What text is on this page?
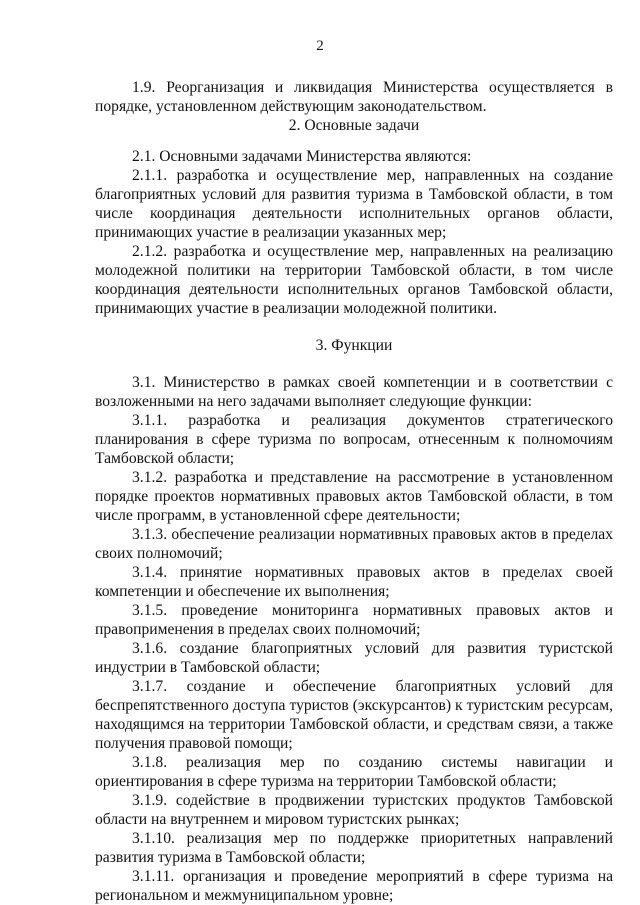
2

1.9. Реорганизация и ликвидация Министерства осуществляется в порядке, установленном действующим законодательством.

2. Основные задачи

2.1. Основными задачами Министерства являются:

2.1.1. разработка и осуществление мер, направленных на создание благоприятных условий для развития туризма в Тамбовской области, в том числе координация деятельности исполнительных органов области, принимающих участие в реализации указанных мер;

2.1.2. разработка и осуществление мер, направленных на реализацию молодежной политики на территории Тамбовской области, в том числе координация деятельности исполнительных органов Тамбовской области, принимающих участие в реализации молодежной политики.

3. Функции

3.1. Министерство в рамках своей компетенции и в соответствии с возложенными на него задачами выполняет следующие функции:

3.1.1. разработка и реализация документов стратегического планирования в сфере туризма по вопросам, отнесенным к полномочиям Тамбовской области;

3.1.2. разработка и представление на рассмотрение в установленном порядке проектов нормативных правовых актов Тамбовской области, в том числе программ, в установленной сфере деятельности;

3.1.3. обеспечение реализации нормативных правовых актов в пределах своих полномочий;

3.1.4. принятие нормативных правовых актов в пределах своей компетенции и обеспечение их выполнения;

3.1.5. проведение мониторинга нормативных правовых актов и правоприменения в пределах своих полномочий;

3.1.6. создание благоприятных условий для развития туристской индустрии в Тамбовской области;

3.1.7. создание и обеспечение благоприятных условий для беспрепятственного доступа туристов (экскурсантов) к туристским ресурсам, находящимся на территории Тамбовской области, и средствам связи, а также получения правовой помощи;

3.1.8. реализация мер по созданию системы навигации и ориентирования в сфере туризма на территории Тамбовской области;

3.1.9. содействие в продвижении туристских продуктов Тамбовской области на внутреннем и мировом туристских рынках;

3.1.10. реализация мер по поддержке приоритетных направлений развития туризма в Тамбовской области;

3.1.11. организация и проведение мероприятий в сфере туризма на региональном и межмуниципальном уровне;
